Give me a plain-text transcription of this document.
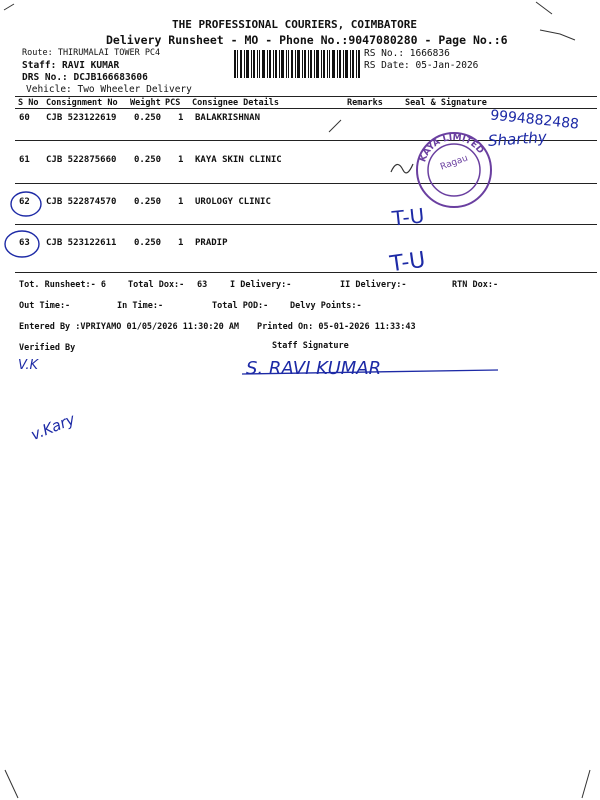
THE PROFESSIONAL COURIERS, COIMBATORE
Delivery Runsheet - MO - Phone No.:9047080280 - Page No.:6
Route: THIRUMALAI TOWER PC4
Staff: RAVI KUMAR
DRS No.: DCJB166683606
Vehicle: Two Wheeler Delivery
RS No.: 1666836
RS Date: 05-Jan-2026
S No Consignment No Weight PCS Consignee Details	Remarks	Seal & Signature
60 CJB 523122619 0.250 1 BALAKRISHNAN
61 CJB 522875660 0.250 1 KAYA SKIN CLINIC
62 CJB 522874570 0.250 1 UROLOGY CLINIC
63 CJB 523122611 0.250 1 PRADIP
Tot. Runsheet:- 6	Total Dox:- 63	I Delivery:-	II Delivery:-	RTN Dox:-
Out Time:-	In Time:-	Total POD:-	Delvy Points:-
Entered By :VPRIYAMO 01/05/2026 11:30:20 AM Printed On: 05-01-2026 11:33:43
Verified By	Staff Signature
KAYA LIMITED
Ragau
9994882488
Sharthy
T-U
T-U
S. RAVI KUMAR
V.K
v.Kary
